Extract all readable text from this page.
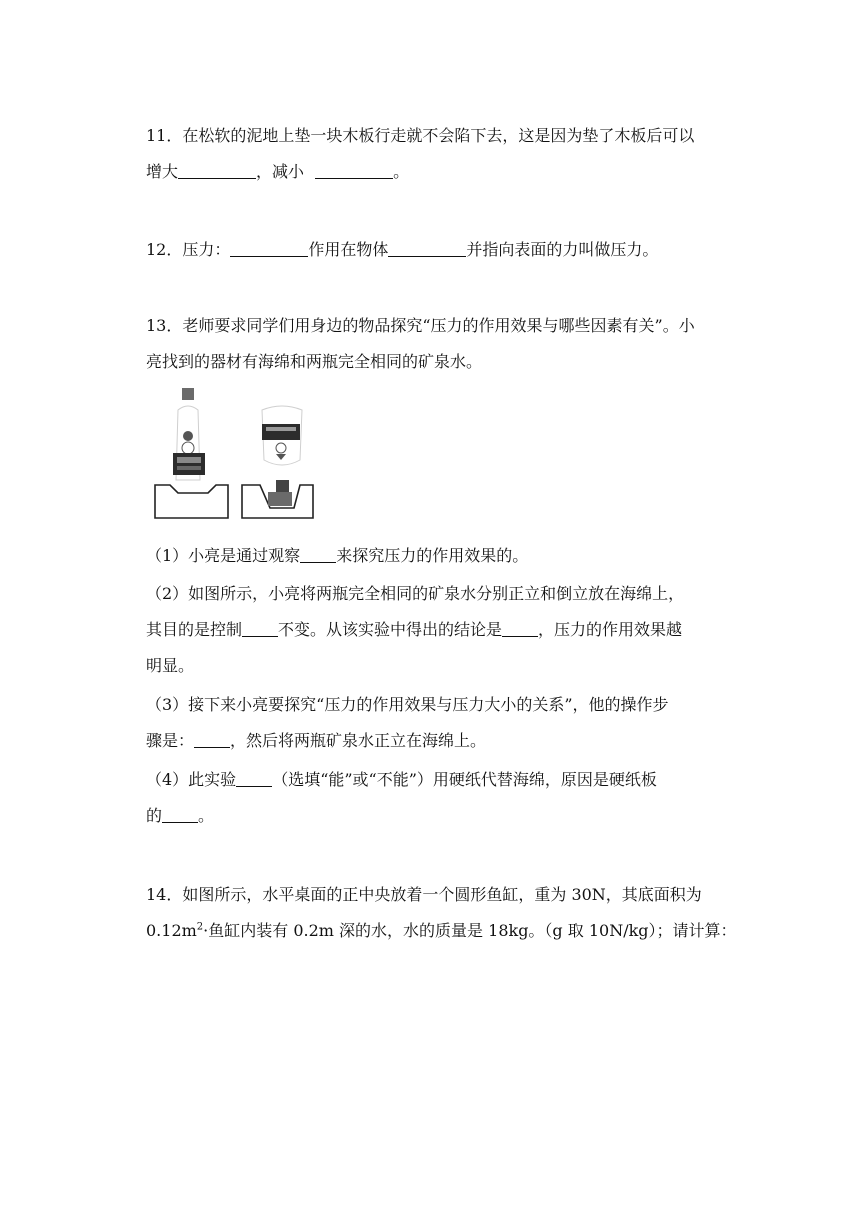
11．在松软的泥地上垫一块木板行走就不会陷下去，这是因为垫了木板后可以
增大	，减小	。
12．压力：	作用在物体	并指向表面的力叫做压力。
13．老师要求同学们用身边的物品探究“压力的作用效果与哪些因素有关”。小
亮找到的器材有海绵和两瓶完全相同的矿泉水。
（1）小亮是通过观察 来探究压力的作用效果的。
（2）如图所示，小亮将两瓶完全相同的矿泉水分别正立和倒立放在海绵上，
其目的是控制 不变。从该实验中得出的结论是 ，压力的作用效果越
明显。
（3）接下来小亮要探究“压力的作用效果与压力大小的关系”，他的操作步
骤是： ，然后将两瓶矿泉水正立在海绵上。
（4）此实验 （选填“能”或“不能”）用硬纸代替海绵，原因是硬纸板
的 。
14．如图所示，水平桌面的正中央放着一个圆形鱼缸，重为 30N，其底面积为
$0.12m^2\cdot$鱼缸内装有 0.2m 深的水，水的质量是 18kg。（g 取 10N/kg）；请计算：
